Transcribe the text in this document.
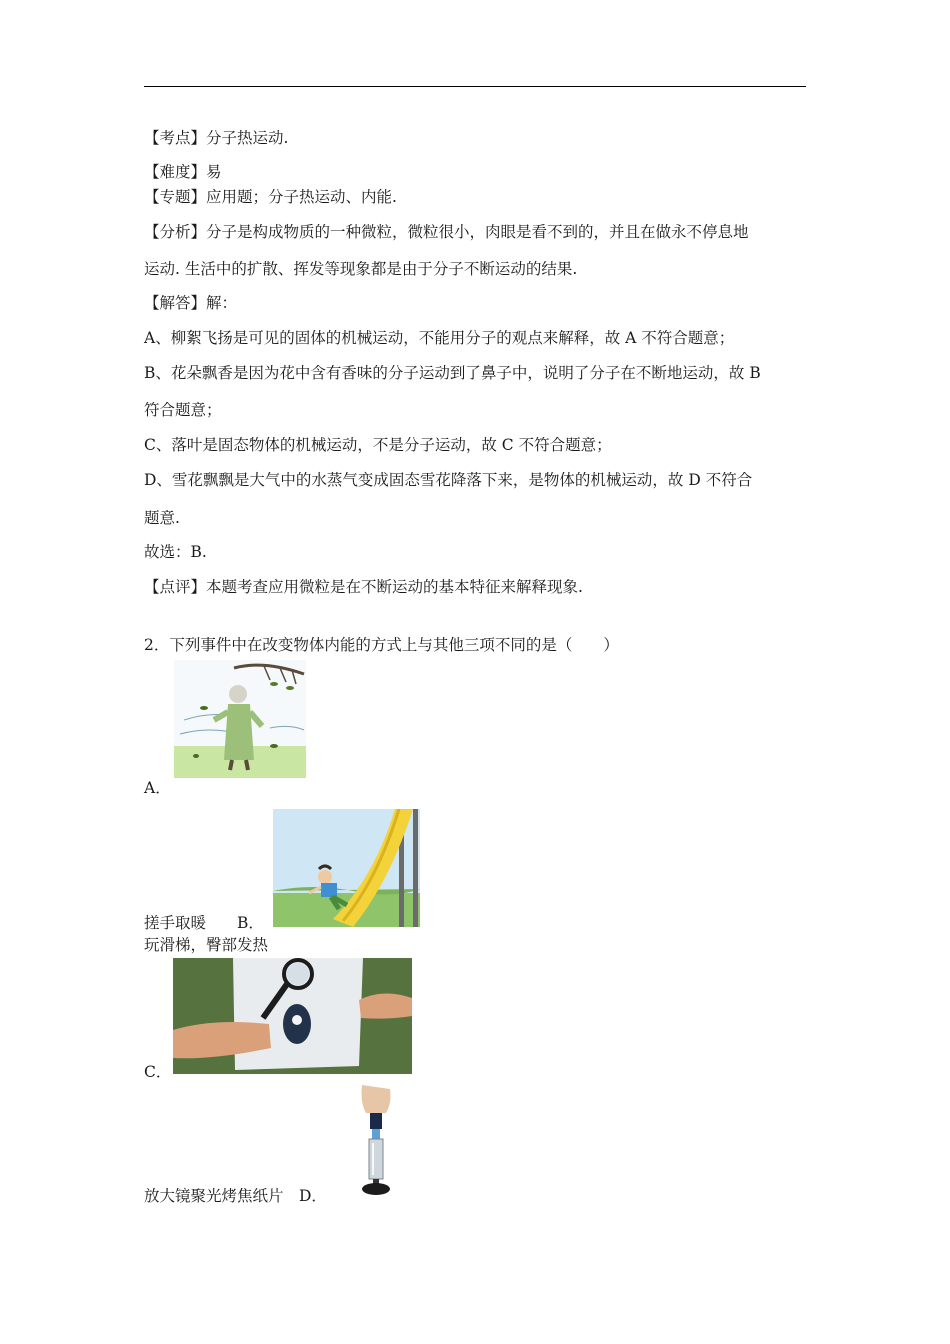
【考点】分子热运动.
【难度】易
【专题】应用题；分子热运动、内能.
【分析】分子是构成物质的一种微粒，微粒很小，肉眼是看不到的，并且在做永不停息地
运动. 生活中的扩散、挥发等现象都是由于分子不断运动的结果.
【解答】解：
A、柳絮飞扬是可见的固体的机械运动，不能用分子的观点来解释，故 A 不符合题意；
B、花朵飘香是因为花中含有香味的分子运动到了鼻子中，说明了分子在不断地运动，故 B
符合题意；
C、落叶是固态物体的机械运动，不是分子运动，故 C 不符合题意；
D、雪花飘飘是大气中的水蒸气变成固态雪花降落下来，是物体的机械运动，故 D 不符合
题意.
故选：B.
【点评】本题考查应用微粒是在不断运动的基本特征来解释现象.
2．下列事件中在改变物体内能的方式上与其他三项不同的是（　　）
A．
搓手取暖　　B．
玩滑梯，臀部发热
C．
放大镜聚光烤焦纸片　D．
